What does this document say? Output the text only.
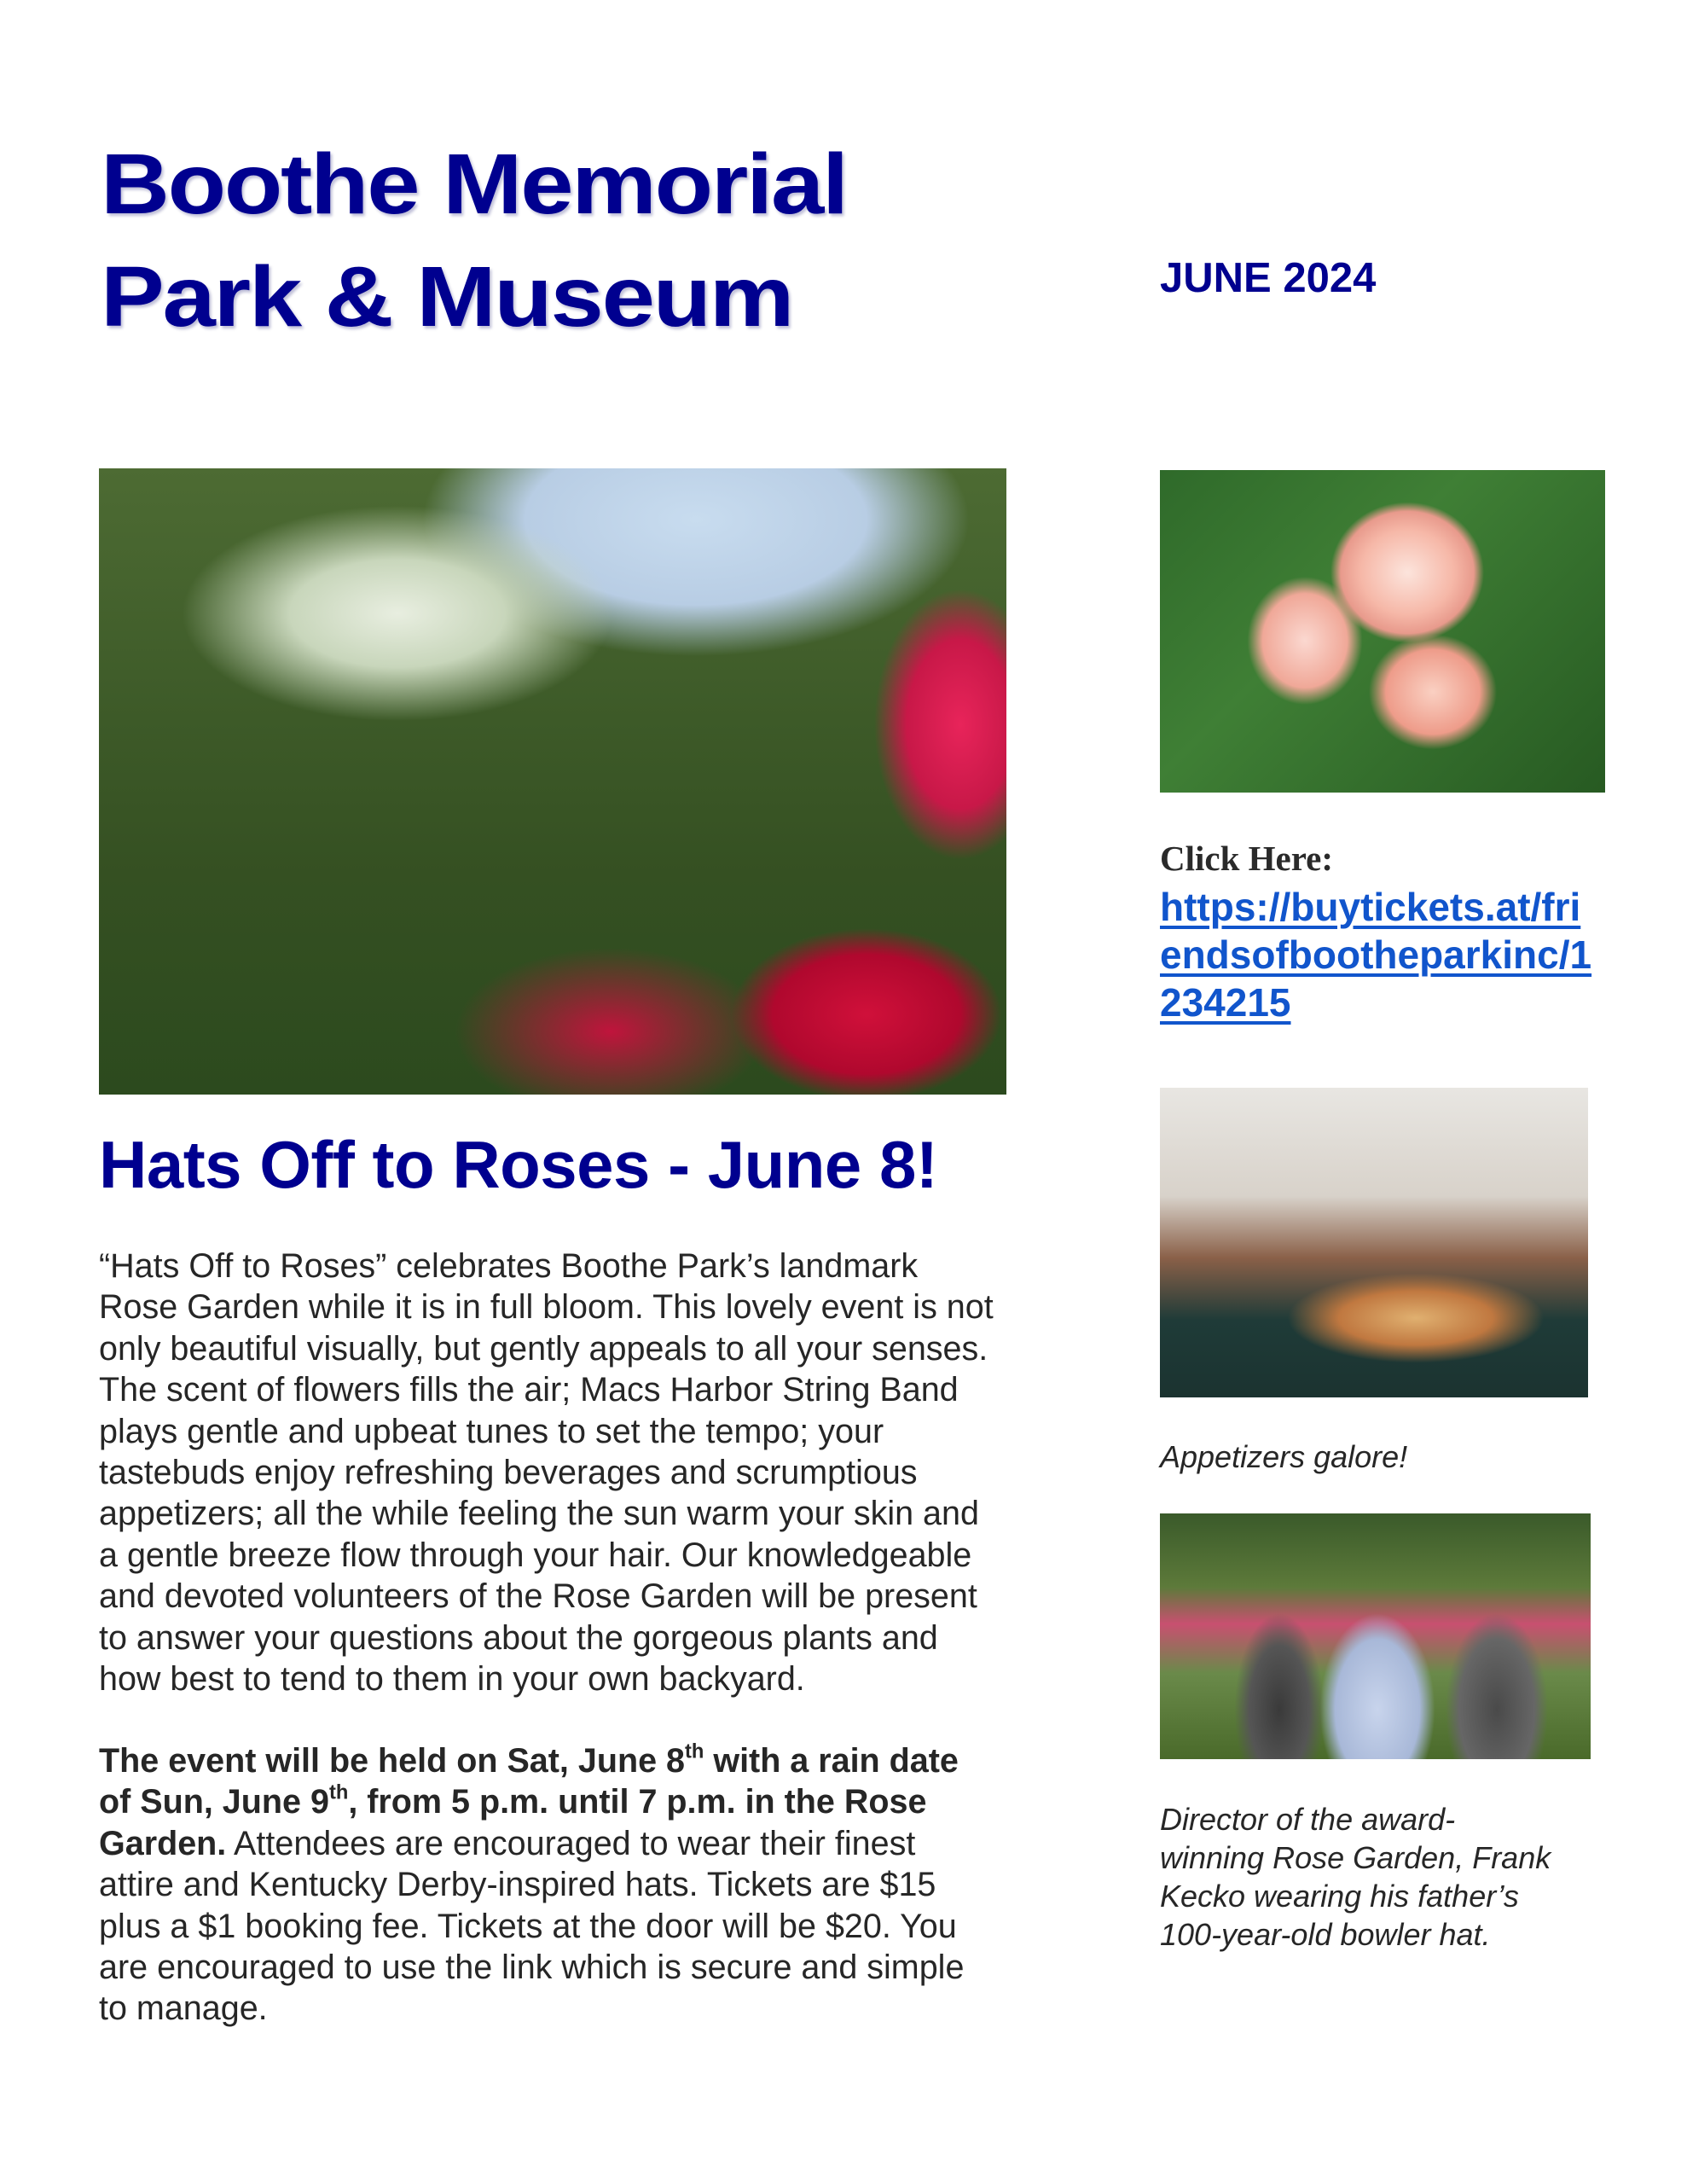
Boothe Memorial
Park & Museum	JUNE 2024
Click Here:
https://buytickets.at/fri
endsofbootheparkinc/1
234215
Appetizers galore!
Director of the award-
winning Rose Garden, Frank
Kecko wearing his father’s
100-year-old bowler hat.
Hats Off to Roses - June 8!
“Hats Off to Roses” celebrates Boothe Park’s landmark
Rose Garden while it is in full bloom. This lovely event is not
only beautiful visually, but gently appeals to all your senses.
The scent of flowers fills the air; Macs Harbor String Band
plays gentle and upbeat tunes to set the tempo; your
tastebuds enjoy refreshing beverages and scrumptious
appetizers; all the while feeling the sun warm your skin and
a gentle breeze flow through your hair. Our knowledgeable
and devoted volunteers of the Rose Garden will be present
to answer your questions about the gorgeous plants and
how best to tend to them in your own backyard.
The event will be held on Sat, June 8th with a rain date
of Sun, June 9th, from 5 p.m. until 7 p.m. in the Rose
Garden. Attendees are encouraged to wear their finest
attire and Kentucky Derby-inspired hats. Tickets are $15
plus a $1 booking fee. Tickets at the door will be $20. You
are encouraged to use the link which is secure and simple
to manage.
